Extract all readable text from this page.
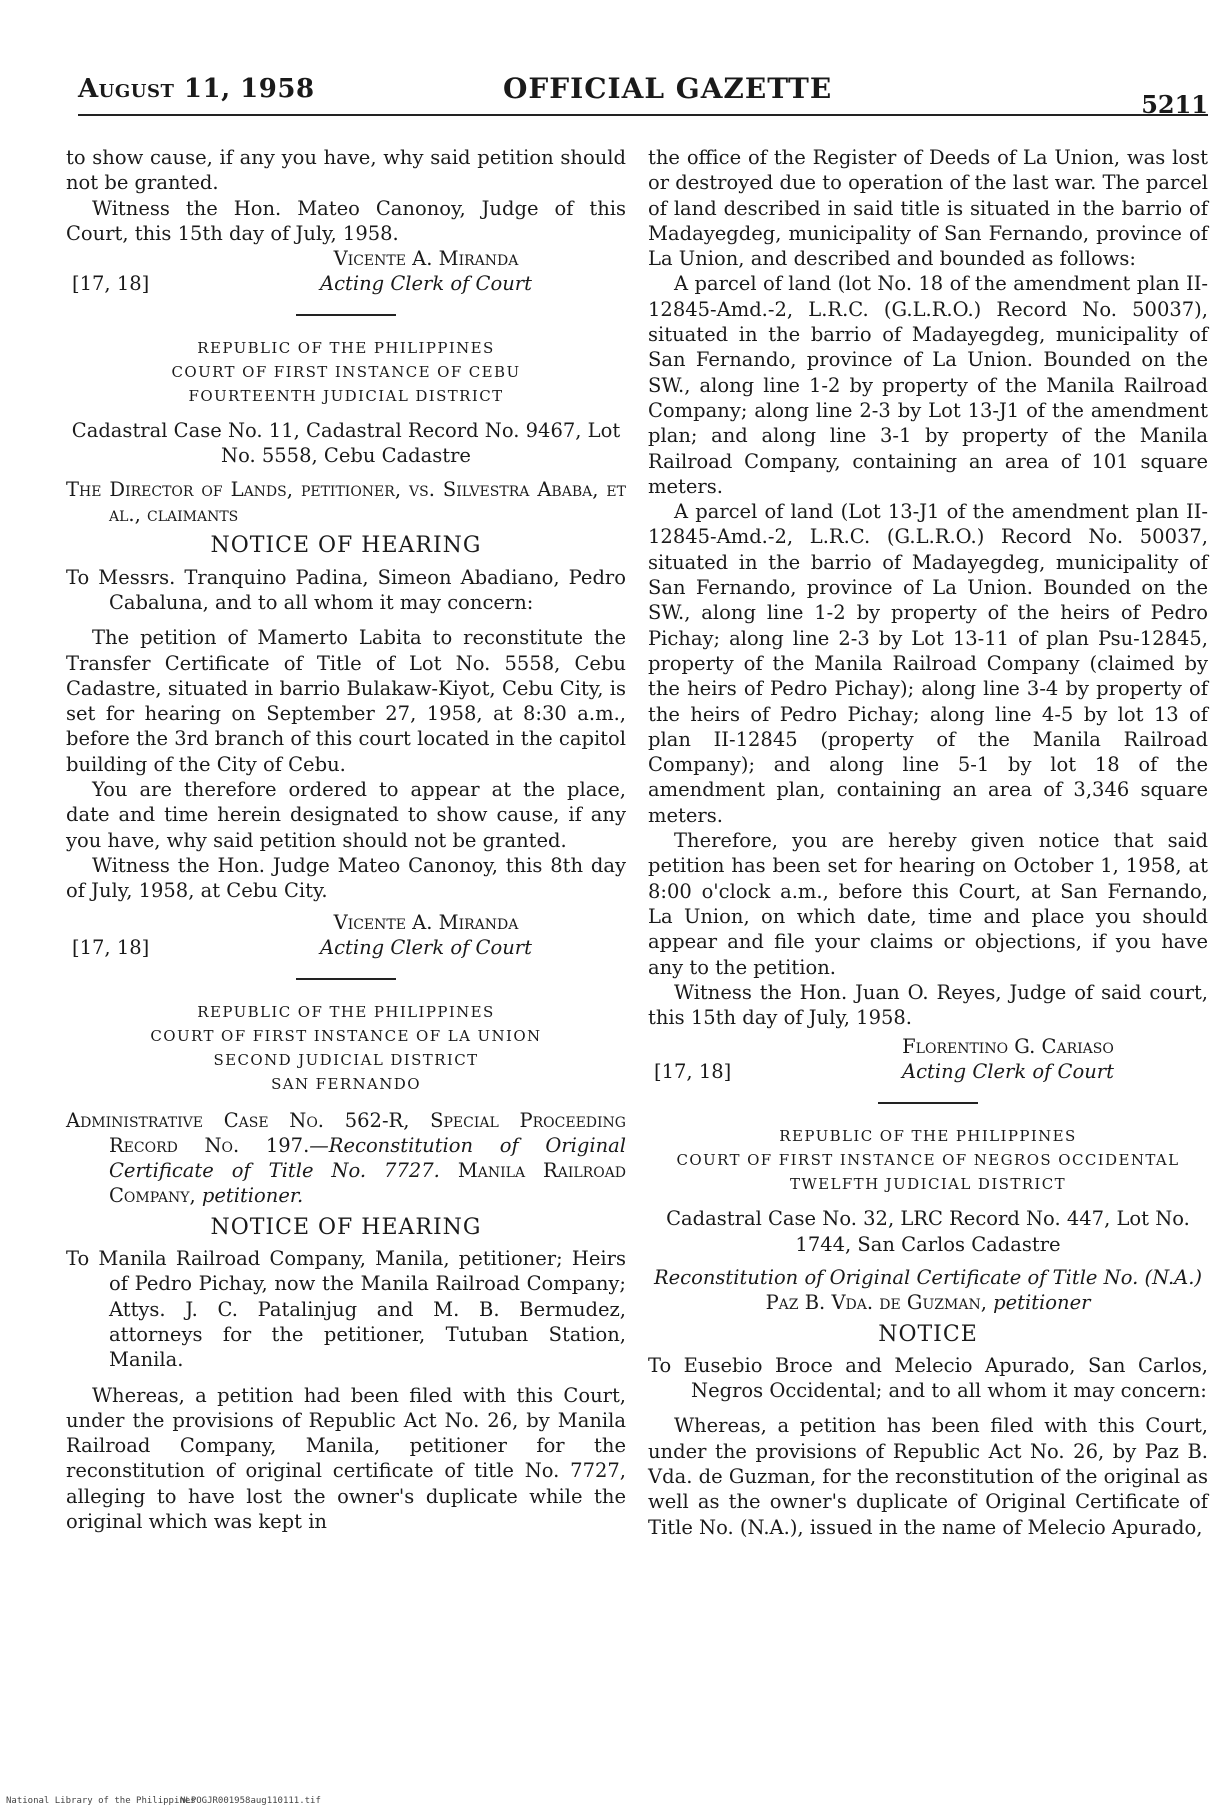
August 11, 1958	OFFICIAL GAZETTE	5211

to show cause, if any you have, why said petition should not be granted.

Witness the Hon. Mateo Canonoy, Judge of this Court, this 15th day of July, 1958.

Vicente A. Miranda
Acting Clerk of Court
[17, 18]
REPUBLIC OF THE PHILIPPINES
COURT OF FIRST INSTANCE OF CEBU
FOURTEENTH JUDICIAL DISTRICT

Cadastral Case No. 11, Cadastral Record No. 9467, Lot No. 5558, Cebu Cadastre

The Director of Lands, petitioner, vs. Silvestra Ababa, et al., claimants

NOTICE OF HEARING

To Messrs. Tranquino Padina, Simeon Abadiano, Pedro Cabaluna, and to all whom it may concern:

The petition of Mamerto Labita to reconstitute the Transfer Certificate of Title of Lot No. 5558, Cebu Cadastre, situated in barrio Bulakaw-Kiyot, Cebu City, is set for hearing on September 27, 1958, at 8:30 a.m., before the 3rd branch of this court located in the capitol building of the City of Cebu.

You are therefore ordered to appear at the place, date and time herein designated to show cause, if any you have, why said petition should not be granted.

Witness the Hon. Judge Mateo Canonoy, this 8th day of July, 1958, at Cebu City.

Vicente A. Miranda
Acting Clerk of Court
[17, 18]
REPUBLIC OF THE PHILIPPINES
COURT OF FIRST INSTANCE OF LA UNION
SECOND JUDICIAL DISTRICT
SAN FERNANDO

Administrative Case No. 562-R, Special Proceeding Record No. 197.—Reconstitution of Original Certificate of Title No. 7727. Manila Railroad Company, petitioner.

NOTICE OF HEARING

To Manila Railroad Company, Manila, petitioner; Heirs of Pedro Pichay, now the Manila Railroad Company; Attys. J. C. Patalinjug and M. B. Bermudez, attorneys for the petitioner, Tutuban Station, Manila.

Whereas, a petition had been filed with this Court, under the provisions of Republic Act No. 26, by Manila Railroad Company, Manila, petitioner for the reconstitution of original certificate of title No. 7727, alleging to have lost the owner's duplicate while the original which was kept in

the office of the Register of Deeds of La Union, was lost or destroyed due to operation of the last war. The parcel of land described in said title is situated in the barrio of Madayegdeg, municipality of San Fernando, province of La Union, and described and bounded as follows:

A parcel of land (lot No. 18 of the amendment plan II-12845-Amd.-2, L.R.C. (G.L.R.O.) Record No. 50037), situated in the barrio of Madayegdeg, municipality of San Fernando, province of La Union. Bounded on the SW., along line 1-2 by property of the Manila Railroad Company; along line 2-3 by Lot 13-J1 of the amendment plan; and along line 3-1 by property of the Manila Railroad Company, containing an area of 101 square meters.

A parcel of land (Lot 13-J1 of the amendment plan II-12845-Amd.-2, L.R.C. (G.L.R.O.) Record No. 50037, situated in the barrio of Madayegdeg, municipality of San Fernando, province of La Union. Bounded on the SW., along line 1-2 by property of the heirs of Pedro Pichay; along line 2-3 by Lot 13-11 of plan Psu-12845, property of the Manila Railroad Company (claimed by the heirs of Pedro Pichay); along line 3-4 by property of the heirs of Pedro Pichay; along line 4-5 by lot 13 of plan II-12845 (property of the Manila Railroad Company); and along line 5-1 by lot 18 of the amendment plan, containing an area of 3,346 square meters.

Therefore, you are hereby given notice that said petition has been set for hearing on October 1, 1958, at 8:00 o'clock a.m., before this Court, at San Fernando, La Union, on which date, time and place you should appear and file your claims or objections, if you have any to the petition.

Witness the Hon. Juan O. Reyes, Judge of said court, this 15th day of July, 1958.

Florentino G. Cariaso
Acting Clerk of Court
[17, 18]
REPUBLIC OF THE PHILIPPINES
COURT OF FIRST INSTANCE OF NEGROS OCCIDENTAL
TWELFTH JUDICIAL DISTRICT

Cadastral Case No. 32, LRC Record No. 447, Lot No. 1744, San Carlos Cadastre

Reconstitution of Original Certificate of Title No. (N.A.) Paz B. Vda. de Guzman, petitioner

NOTICE

To Eusebio Broce and Melecio Apurado, San Carlos, Negros Occidental; and to all whom it may concern:

Whereas, a petition has been filed with this Court, under the provisions of Republic Act No. 26, by Paz B. Vda. de Guzman, for the reconstitution of the original as well as the owner's duplicate of Original Certificate of Title No. (N.A.), issued in the name of Melecio Apurado,

National Library of the Philippines
NLPOGJR001958aug110111.tif
